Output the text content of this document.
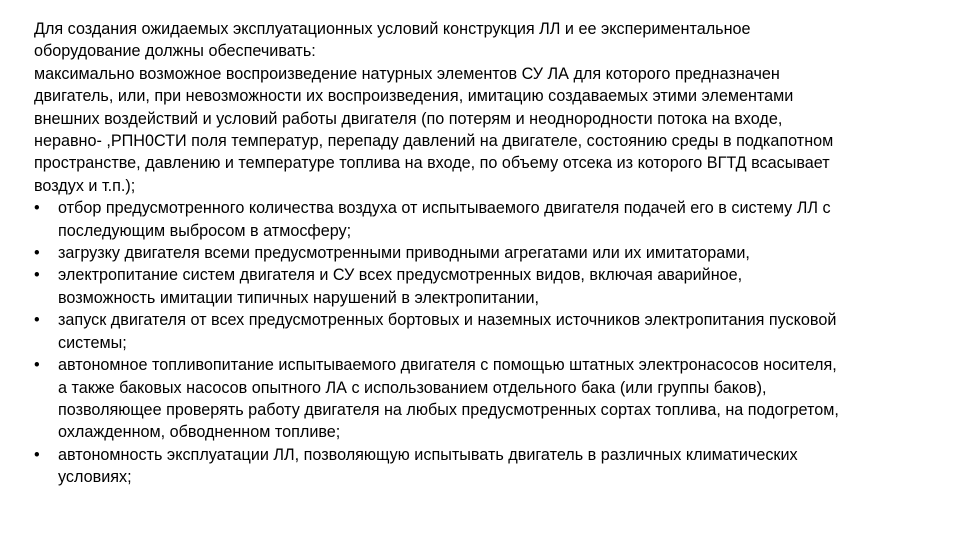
Для создания ожидаемых эксплуатационных условий конструкция ЛЛ и ее экспериментальное
оборудование должны обеспечивать:

максимально возможное воспроизведение натурных элементов СУ ЛА для которого предназначен
двигатель, или, при невозможности их воспроизведения, имитацию создаваемых этими элементами
внешних воздействий и условий работы двигателя (по потерям и неоднородности потока на входе,
неравно- ,РПН0СТИ поля температур, перепаду давлений на двигателе, состоянию среды в подкапотном
пространстве, давлению и температуре топлива на входе, по объему отсека из которого ВГТД всасывает
воздух и т.п.);

•	отбор предусмотренного количества воздуха от испытываемого двигателя подачей его в систему ЛЛ с
последующим выбросом в атмосферу;
•	загрузку двигателя всеми предусмотренными приводными агрегатами или их имитаторами,
•	электропитание систем двигателя и СУ всех предусмотренных видов, включая аварийное,
возможность имитации типичных нарушений в электропитании,
•	запуск двигателя от всех предусмотренных бортовых и наземных источников электропитания пусковой
системы;
•	автономное топливопитание испытываемого двигателя с помощью штатных электронасосов носителя,
а также баковых насосов опытного ЛА с использованием отдельного бака (или группы баков),
позволяющее проверять работу двигателя на любых предусмотренных сортах топлива, на подогретом,
охлажденном, обводненном топливе;
•	автономность эксплуатации ЛЛ, позволяющую испытывать двигатель в различных климатических
условиях;
